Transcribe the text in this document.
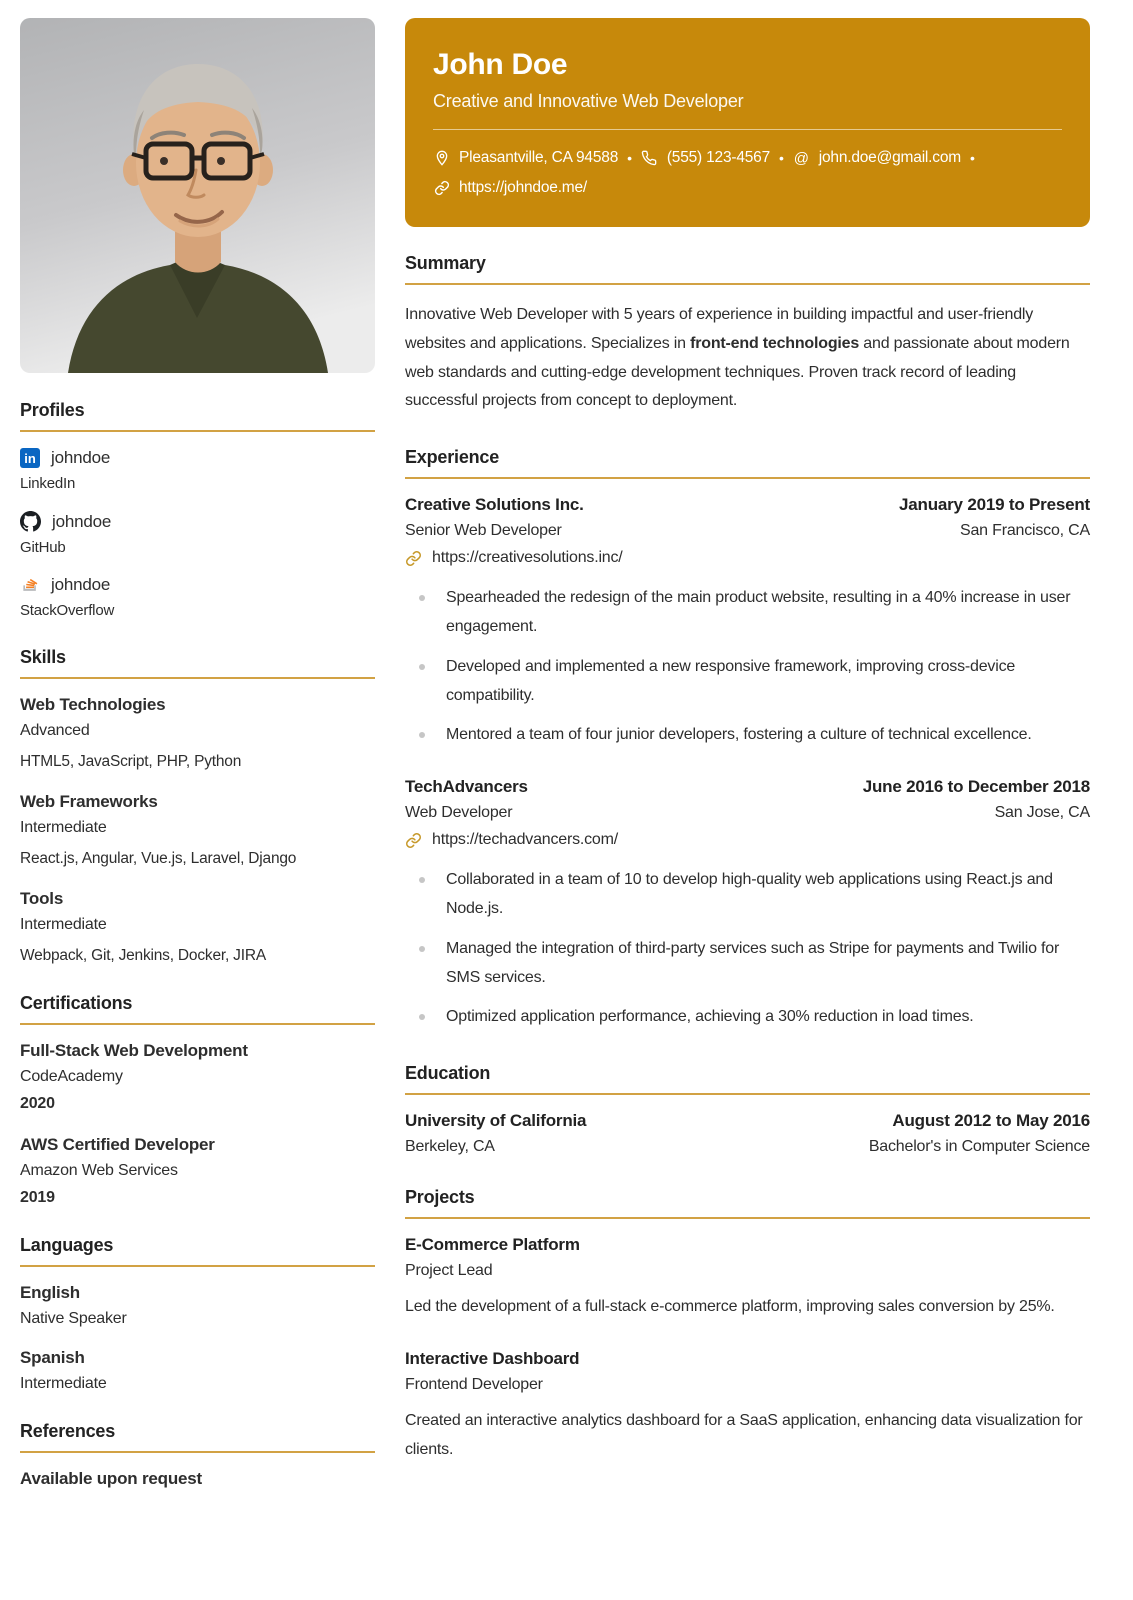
Profiles
in johndoe
LinkedIn
johndoe
GitHub
johndoe
StackOverflow
Skills
Web Technologies
Advanced
HTML5, JavaScript, PHP, Python
Web Frameworks
Intermediate
React.js, Angular, Vue.js, Laravel, Django
Tools
Intermediate
Webpack, Git, Jenkins, Docker, JIRA
Certifications
Full-Stack Web Development
CodeAcademy
2020
AWS Certified Developer
Amazon Web Services
2019
Languages
English
Native Speaker
Spanish
Intermediate
References
Available upon request
John Doe
Creative and Innovative Web Developer
Pleasantville, CA 94588 • (555) 123-4567 • @ john.doe@gmail.com •
https://johndoe.me/
Summary

Innovative Web Developer with 5 years of experience in building impactful and user-friendly websites and applications. Specializes in front-end technologies and passionate about modern web standards and cutting-edge development techniques. Proven track record of leading successful projects from concept to deployment.

Experience
Creative Solutions Inc.	January 2019 to Present
Senior Web Developer	San Francisco, CA
https://creativesolutions.inc/
Spearheaded the redesign of the main product website, resulting in a 40% increase in user engagement.
Developed and implemented a new responsive framework, improving cross-device compatibility.
Mentored a team of four junior developers, fostering a culture of technical excellence.
TechAdvancers	June 2016 to December 2018
Web Developer	San Jose, CA
https://techadvancers.com/
Collaborated in a team of 10 to develop high-quality web applications using React.js and Node.js.
Managed the integration of third-party services such as Stripe for payments and Twilio for SMS services.
Optimized application performance, achieving a 30% reduction in load times.
Education
University of California	August 2012 to May 2016
Berkeley, CA	Bachelor's in Computer Science
Projects
E-Commerce Platform
Project Lead
Led the development of a full-stack e-commerce platform, improving sales conversion by 25%.
Interactive Dashboard
Frontend Developer
Created an interactive analytics dashboard for a SaaS application, enhancing data visualization for clients.
